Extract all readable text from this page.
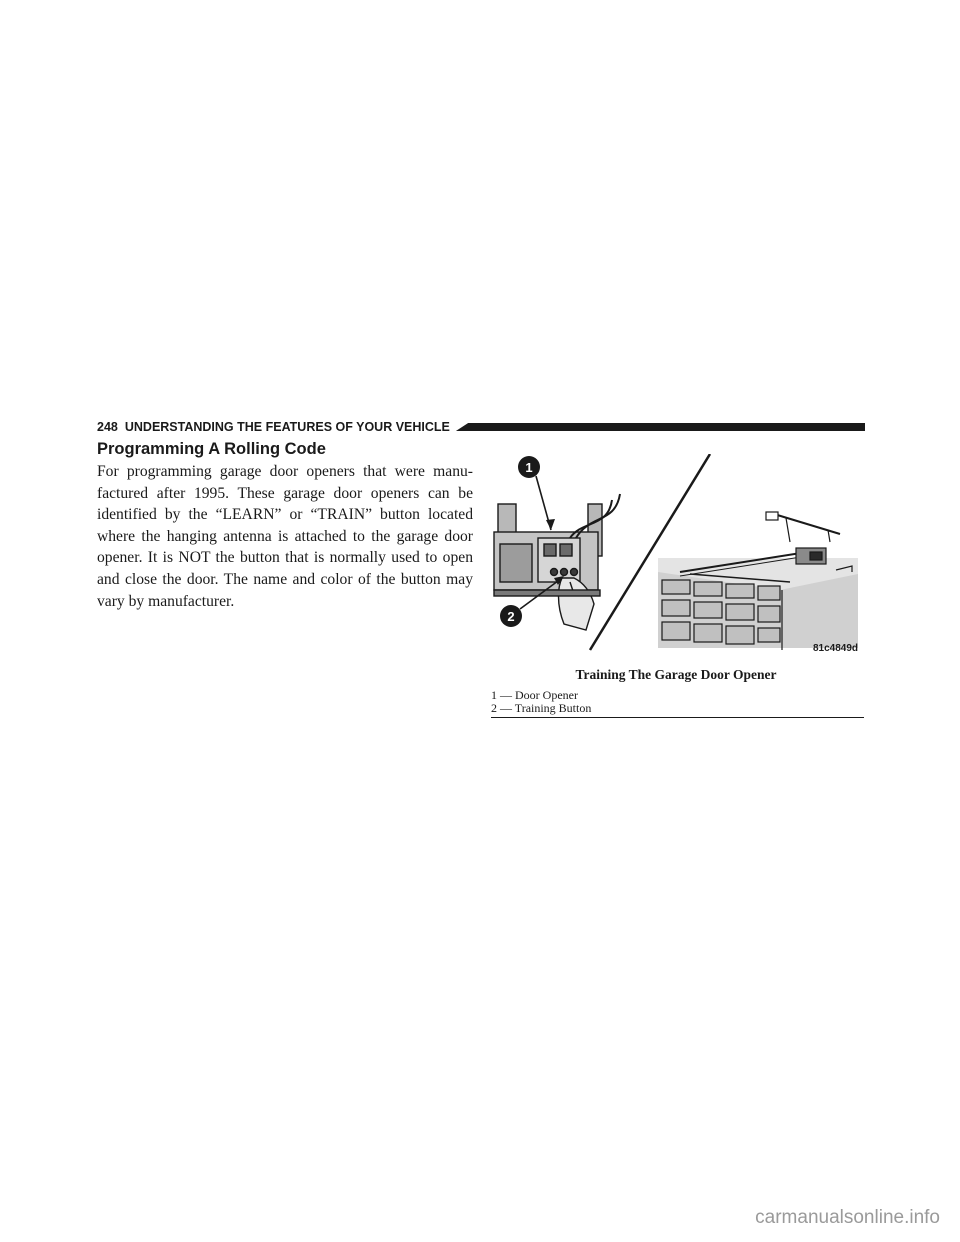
248 UNDERSTANDING THE FEATURES OF YOUR VEHICLE
Programming A Rolling Code

For programming garage door openers that were manu-factured after 1995. These garage door openers can be identified by the “LEARN” or “TRAIN” button located where the hanging antenna is attached to the garage door opener. It is NOT the button that is normally used to open and close the door. The name and color of the button may vary by manufacturer.

1
2
81c4849d

Training The Garage Door Opener

1 — Door Opener
2 — Training Button
carmanualsonline.info
